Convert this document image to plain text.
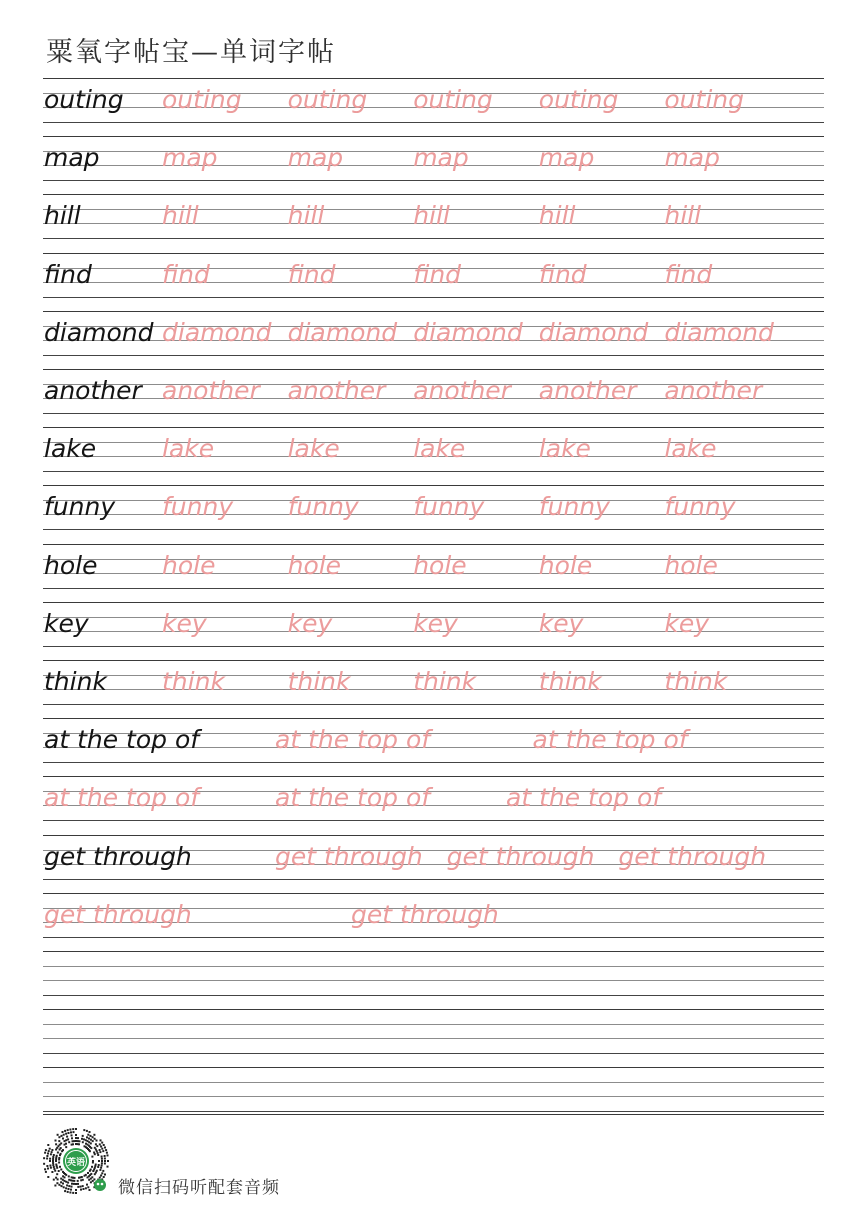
粟氧字帖宝—单词字帖
outing outing outing outing outing outing
map map	map	map	map	map
hill	hill	hill	hill	hill	hill
find	find	find	find	find	find
diamond diamond diamond diamond diamond diamond
another another another another another another
lake	lake	lake	lake	lake	lake
funny funny funny funny funny funny
hole	hole	hole	hole	hole	hole
key	key	key	key	key	key
think think	think	think	think	think
at the top of	at the top of	at the top of
at the top of	at the top of	at the top of
get through	get through get through get through
get through	get through
英语
微信扫码听配套音频
